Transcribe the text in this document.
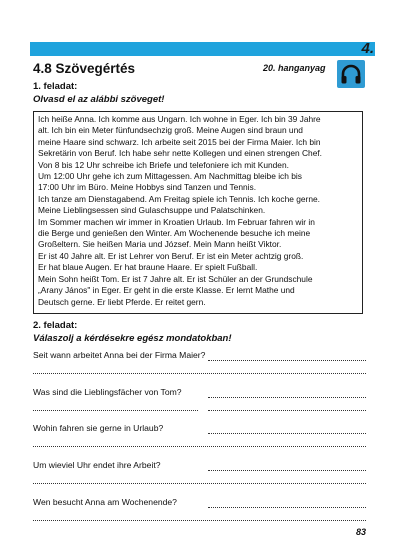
4.
4.8 Szövegértés	20. hanganyag
1. feladat:
Olvasd el az alábbi szöveget!

Ich heiße Anna. Ich komme aus Ungarn. Ich wohne in Eger. Ich bin 39 Jahre

alt. Ich bin ein Meter fünfundsechzig groß. Meine Augen sind braun und

meine Haare sind schwarz. Ich arbeite seit 2015 bei der Firma Maier. Ich bin

Sekretärin von Beruf. Ich habe sehr nette Kollegen und einen strengen Chef.

Von 8 bis 12 Uhr schreibe ich Briefe und telefoniere ich mit Kunden.

Um 12:00 Uhr gehe ich zum Mittagessen. Am Nachmittag bleibe ich bis

17:00 Uhr im Büro. Meine Hobbys sind Tanzen und Tennis.

Ich tanze am Dienstagabend. Am Freitag spiele ich Tennis. Ich koche gerne.

Meine Lieblingsessen sind Gulaschsuppe und Palatschinken.

Im Sommer machen wir immer in Kroatien Urlaub. Im Februar fahren wir in

die Berge und genießen den Winter. Am Wochenende besuche ich meine

Großeltern. Sie heißen Maria und József. Mein Mann heißt Viktor.

Er ist 40 Jahre alt. Er ist Lehrer von Beruf. Er ist ein Meter achtzig groß.

Er hat blaue Augen. Er hat braune Haare. Er spielt Fußball.

Mein Sohn heißt Tom. Er ist 7 Jahre alt. Er ist Schüler an der Grundschule

„Arany János" in Eger. Er geht in die erste Klasse. Er lernt Mathe und

Deutsch gerne. Er liebt Pferde. Er reitet gern.

2. feladat:
Válaszolj a kérdésekre egész mondatokban!
Seit wann arbeitet Anna bei der Firma Maier?
Was sind die Lieblingsfächer von Tom?
Wohin fahren sie gerne in Urlaub?
Um wieviel Uhr endet ihre Arbeit?
Wen besucht Anna am Wochenende?
83
